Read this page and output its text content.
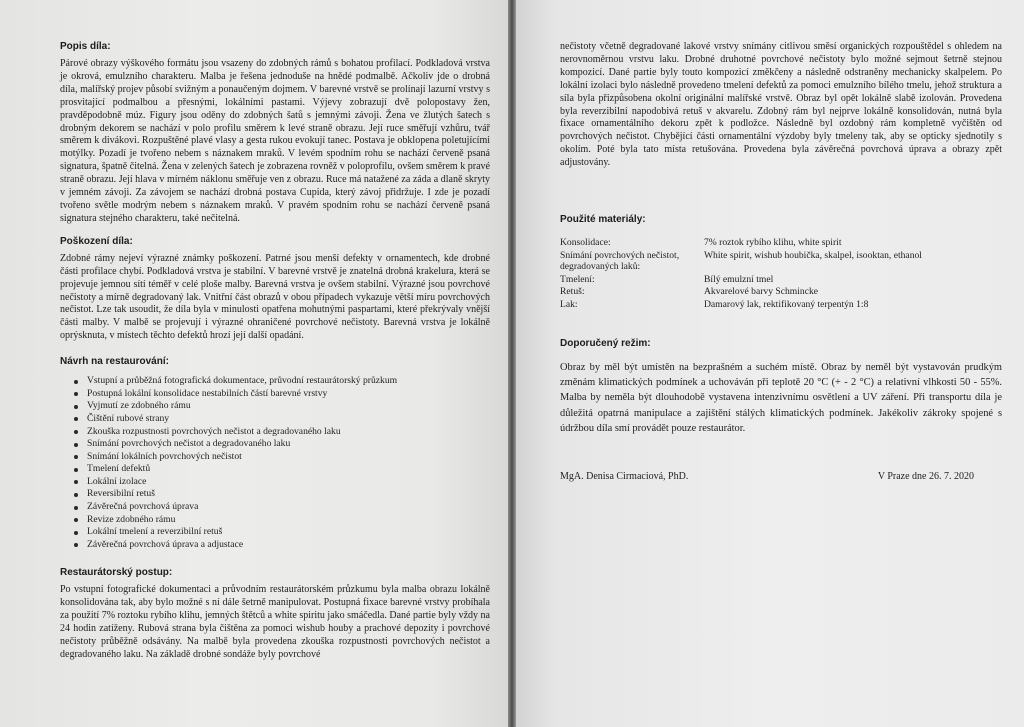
Popis díla:

Párové obrazy výškového formátu jsou vsazeny do zdobných rámů s bohatou profilací. Podkladová vrstva je okrová, emulzního charakteru. Malba je řešena jednoduše na hnědé podmalbě. Ačkoliv jde o drobná díla, malířský projev působí svižným a ponaučeným dojmem. V barevné vrstvě se prolínají lazurní vrstvy s prosvitající podmalbou a přesnými, lokálními pastami. Výjevy zobrazují dvě polopostavy žen, pravděpodobně múz. Figury jsou oděny do zdobných šatů s jemnými závoji. Žena ve žlutých šatech s drobným dekorem se nachází v polo profilu směrem k levé straně obrazu. Její ruce směřují vzhůru, tvář směrem k divákovi. Rozpuštěné plavé vlasy a gesta rukou evokují tanec. Postava je obklopena poletujícími motýlky. Pozadí je tvořeno nebem s náznakem mraků. V levém spodním rohu se nachází červeně psaná signatura, špatně čitelná. Žena v zelených šatech je zobrazena rovněž v poloprofilu, ovšem směrem k pravé straně obrazu. Její hlava v mírném náklonu směřuje ven z obrazu. Ruce má natažené za záda a dlaně skryty v jemném závoji. Za závojem se nachází drobná postava Cupida, který závoj přidržuje. I zde je pozadí tvořeno světle modrým nebem s náznakem mraků. V pravém spodním rohu se nachází červeně psaná signatura stejného charakteru, také nečitelná.

Poškození díla:

Zdobné rámy nejeví výrazné známky poškození. Patrné jsou menší defekty v ornamentech, kde drobné části profilace chybí. Podkladová vrstva je stabilní. V barevné vrstvě je znatelná drobná krakelura, která se projevuje jemnou sítí téměř v celé ploše malby. Barevná vrstva je ovšem stabilní. Výrazné jsou povrchové nečistoty a mírně degradovaný lak. Vnitřní část obrazů v obou případech vykazuje větší míru povrchových nečistot. Lze tak usoudit, že díla byla v minulosti opatřena mohutnými paspartami, které překrývaly vnější části malby. V malbě se projevují i výrazné ohraničené povrchové nečistoty. Barevná vrstva je lokálně oprýsknuta, v místech těchto defektů hrozí její další opadání.

Návrh na restaurování:
Vstupní a průběžná fotografická dokumentace, průvodní restaurátorský průzkum
Postupná lokální konsolidace nestabilních částí barevné vrstvy
Vyjmutí ze zdobného rámu
Čištění rubové strany
Zkouška rozpustnosti povrchových nečistot a degradovaného laku
Snímání povrchových nečistot a degradovaného laku
Snímání lokálních povrchových nečistot
Tmelení defektů
Lokální izolace
Reversibilní retuš
Závěrečná povrchová úprava
Revize zdobného rámu
Lokální tmelení a reverzibilní retuš
Závěrečná povrchová úprava a adjustace
Restaurátorský postup:

Po vstupní fotografické dokumentaci a průvodním restaurátorském průzkumu byla malba obrazu lokálně konsolidována tak, aby bylo možné s ní dále šetrně manipulovat. Postupná fixace barevné vrstvy probíhala za použití 7% roztoku rybího klihu, jemných štětců a white spiritu jako smáčedla. Dané partie byly vždy na 24 hodin zatíženy. Rubová strana byla čištěna za pomoci wishub houby a prachové depozity i povrchové nečistoty průběžně odsávány. Na malbě byla provedena zkouška rozpustnosti povrchových nečistot a degradovaného laku. Na základě drobné sondáže byly povrchové

nečistoty včetně degradované lakové vrstvy snímány citlivou směsí organických rozpouštědel s ohledem na nerovnoměrnou vrstvu laku. Drobné druhotné povrchové nečistoty bylo možné sejmout šetrně stejnou kompozicí. Dané partie byly touto kompozicí změkčeny a následně odstraněny mechanicky skalpelem. Po lokální izolaci bylo následně provedeno tmelení defektů za pomoci emulzního bílého tmelu, jehož struktura a síla byla přizpůsobena okolní originální malířské vrstvě. Obraz byl opět lokálně slabě izolován. Provedena byla reverzibilní napodobivá retuš v akvarelu. Zdobný rám byl nejprve lokálně konsolidován, nutná byla fixace ornamentálního dekoru zpět k podložce. Následně byl ozdobný rám kompletně vyčištěn od povrchových nečistot. Chybějící části ornamentální výzdoby byly tmeleny tak, aby se opticky sjednotily s okolím. Poté byla tato místa retušována. Provedena byla závěrečná povrchová úprava a obrazy zpět adjustovány.

Použité materiály:
Konsolidace:	7% roztok rybího klihu, white spirit
Snímání povrchových nečistot, degradovaných laků:	White spirit, wishub houbička, skalpel, isooktan, ethanol
Tmelení:	Bílý emulzní tmel
Retuš:	Akvarelové barvy Schmincke
Lak:	Damarový lak, rektifikovaný terpentýn 1:8
Doporučený režim:

Obraz by měl být umístěn na bezprašném a suchém místě. Obraz by neměl být vystavován prudkým změnám klimatických podmínek a uchováván při teplotě 20 °C (+ - 2 °C) a relativní vlhkosti 50 - 55%. Malba by neměla být dlouhodobě vystavena intenzivnímu osvětlení a UV záření. Při transportu díla je důležitá opatrná manipulace a zajištění stálých klimatických podmínek. Jakékoliv zákroky spojené s údržbou díla smí provádět pouze restaurátor.

MgA. Denisa Cirmaciová, PhD.	V Praze dne 26. 7. 2020
